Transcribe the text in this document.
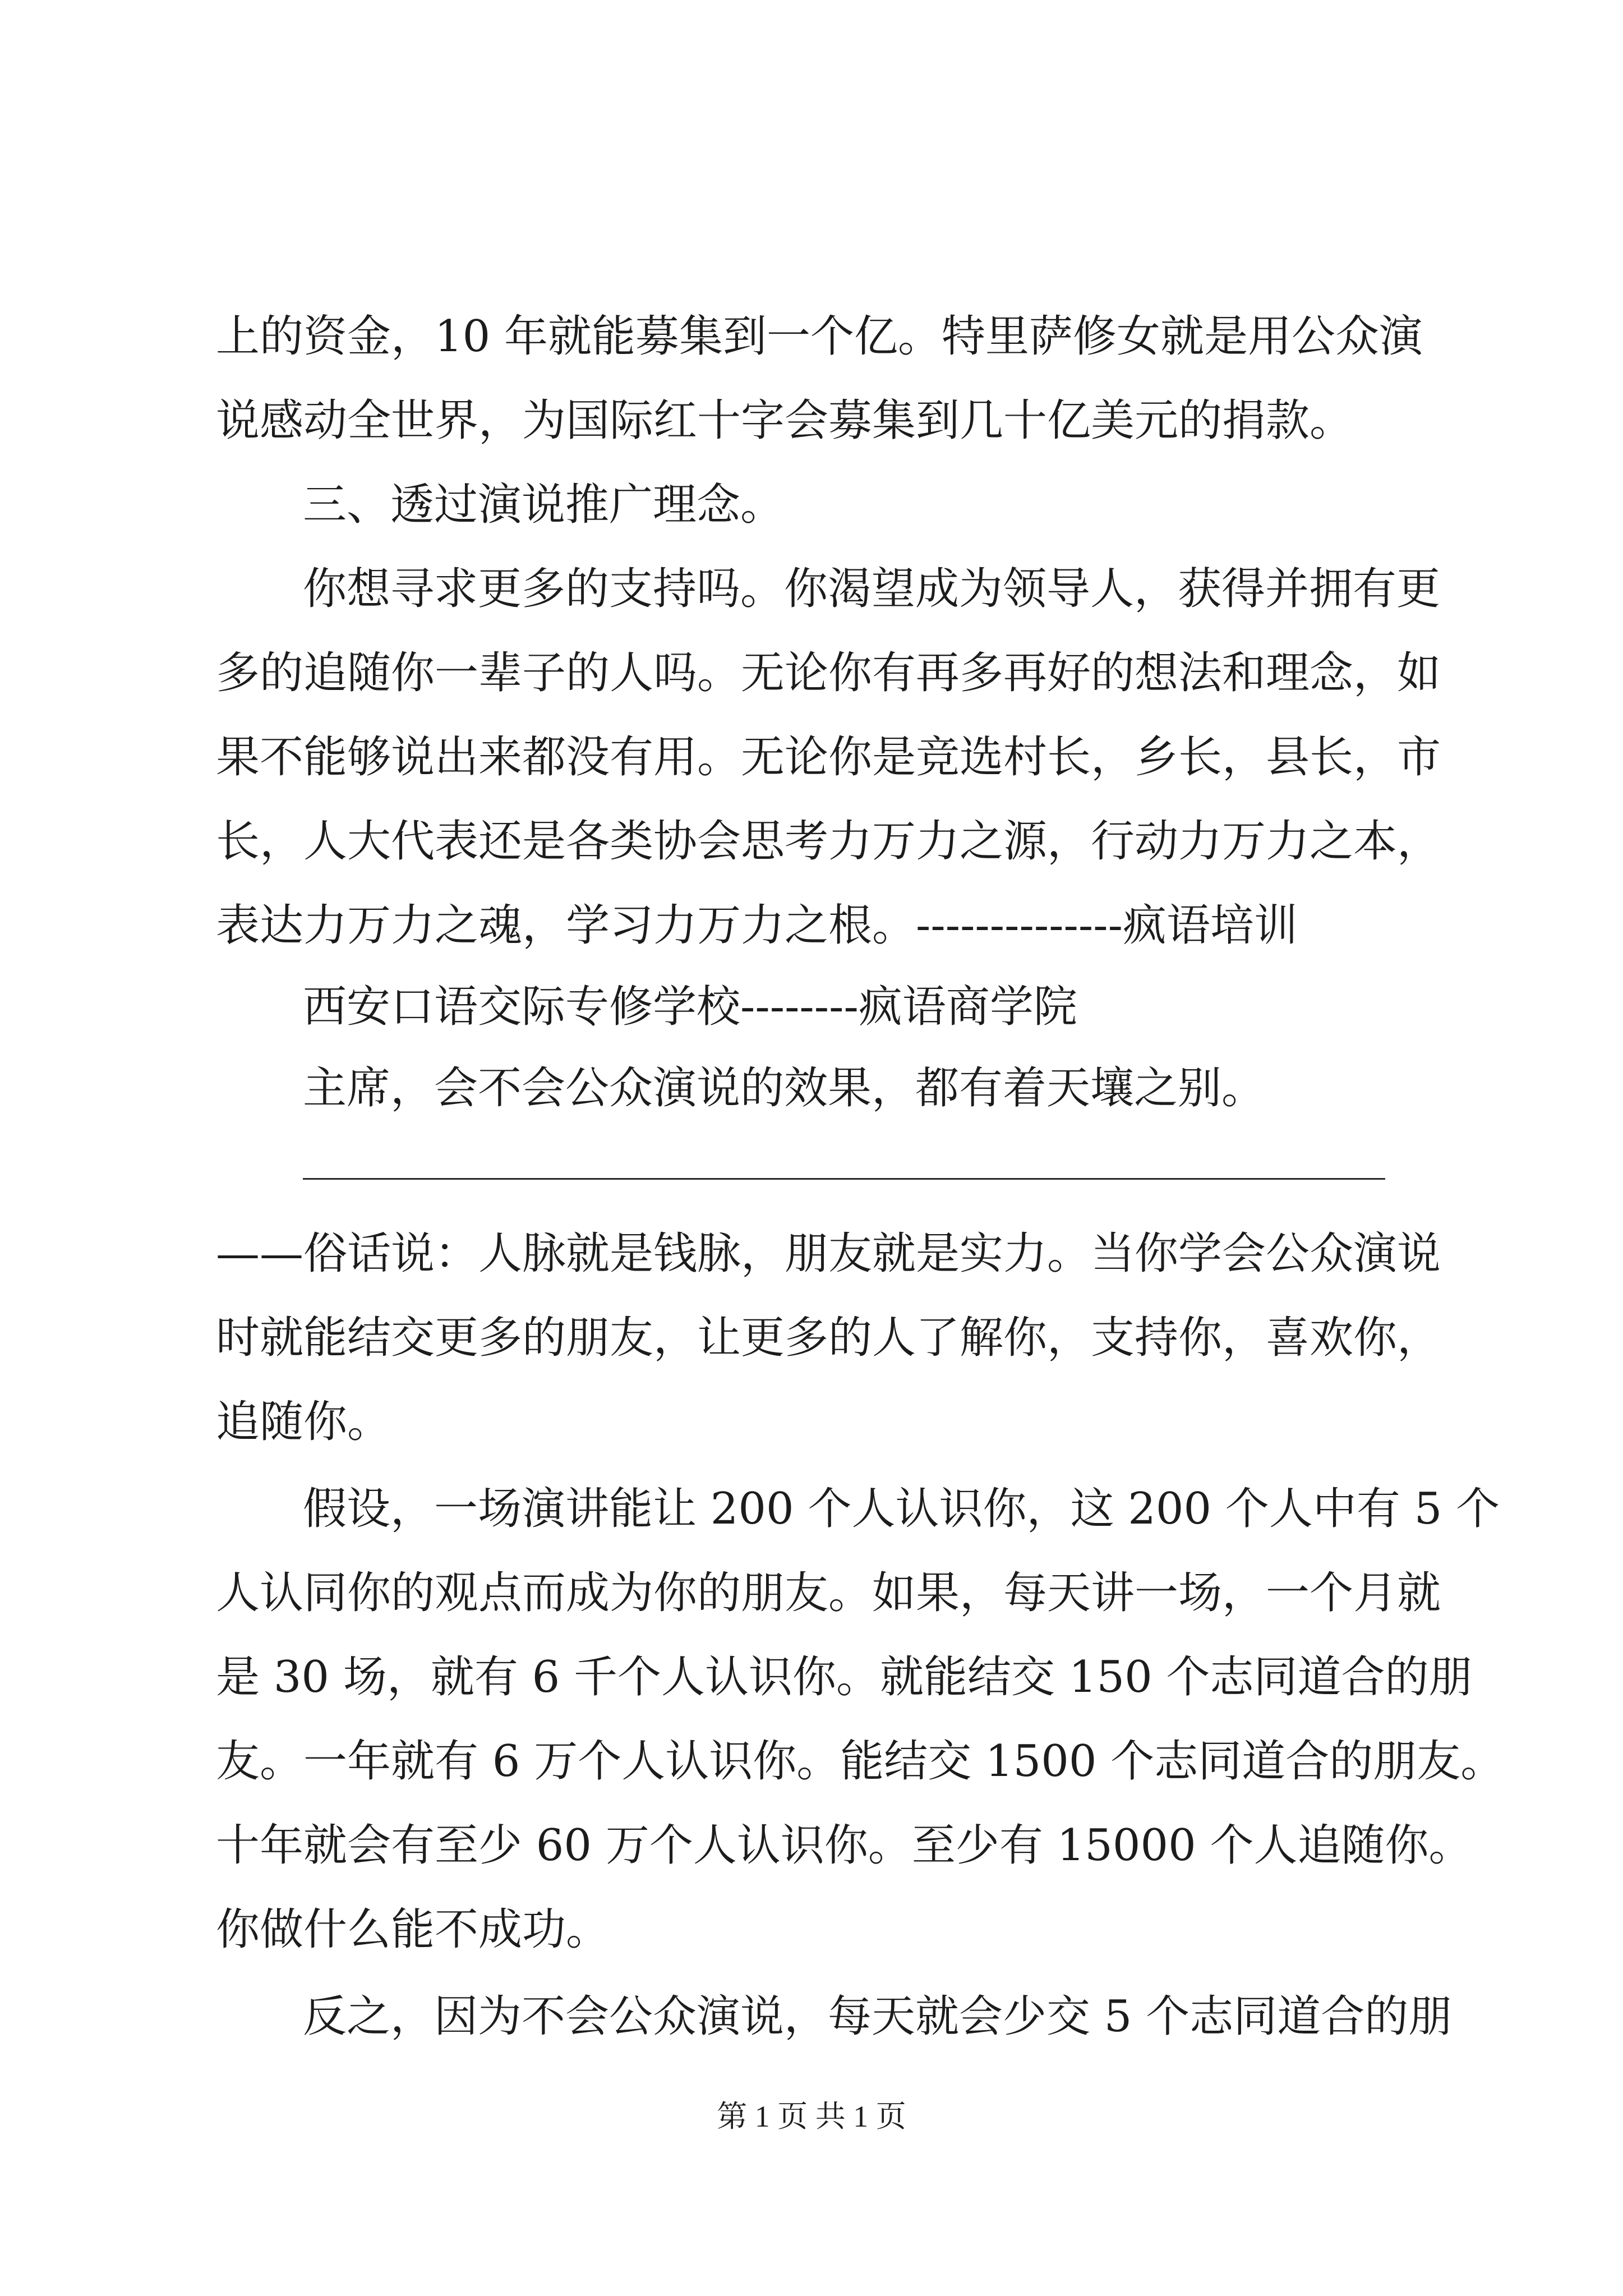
上的资金，10 年就能募集到一个亿。特里萨修女就是用公众演
说感动全世界，为国际红十字会募集到几十亿美元的捐款。
三、透过演说推广理念。
你想寻求更多的支持吗。你渴望成为领导人，获得并拥有更
多的追随你一辈子的人吗。无论你有再多再好的想法和理念，如
果不能够说出来都没有用。无论你是竞选村长，乡长，县长，市
长，人大代表还是各类协会思考力万力之源，行动力万力之本，
表达力万力之魂，学习力万力之根。--------------疯语培训
西安口语交际专修学校--------疯语商学院
主席，会不会公众演说的效果，都有着天壤之别。
——俗话说：人脉就是钱脉，朋友就是实力。当你学会公众演说
时就能结交更多的朋友，让更多的人了解你，支持你，喜欢你，
追随你。
假设，一场演讲能让 200 个人认识你，这 200 个人中有 5 个
人认同你的观点而成为你的朋友。如果，每天讲一场，一个月就
是 30 场，就有 6 千个人认识你。就能结交 150 个志同道合的朋
友。一年就有 6 万个人认识你。能结交 1500 个志同道合的朋友。
十年就会有至少 60 万个人认识你。至少有 15000 个人追随你。
你做什么能不成功。
反之，因为不会公众演说，每天就会少交 5 个志同道合的朋
第 1 页 共 1 页
